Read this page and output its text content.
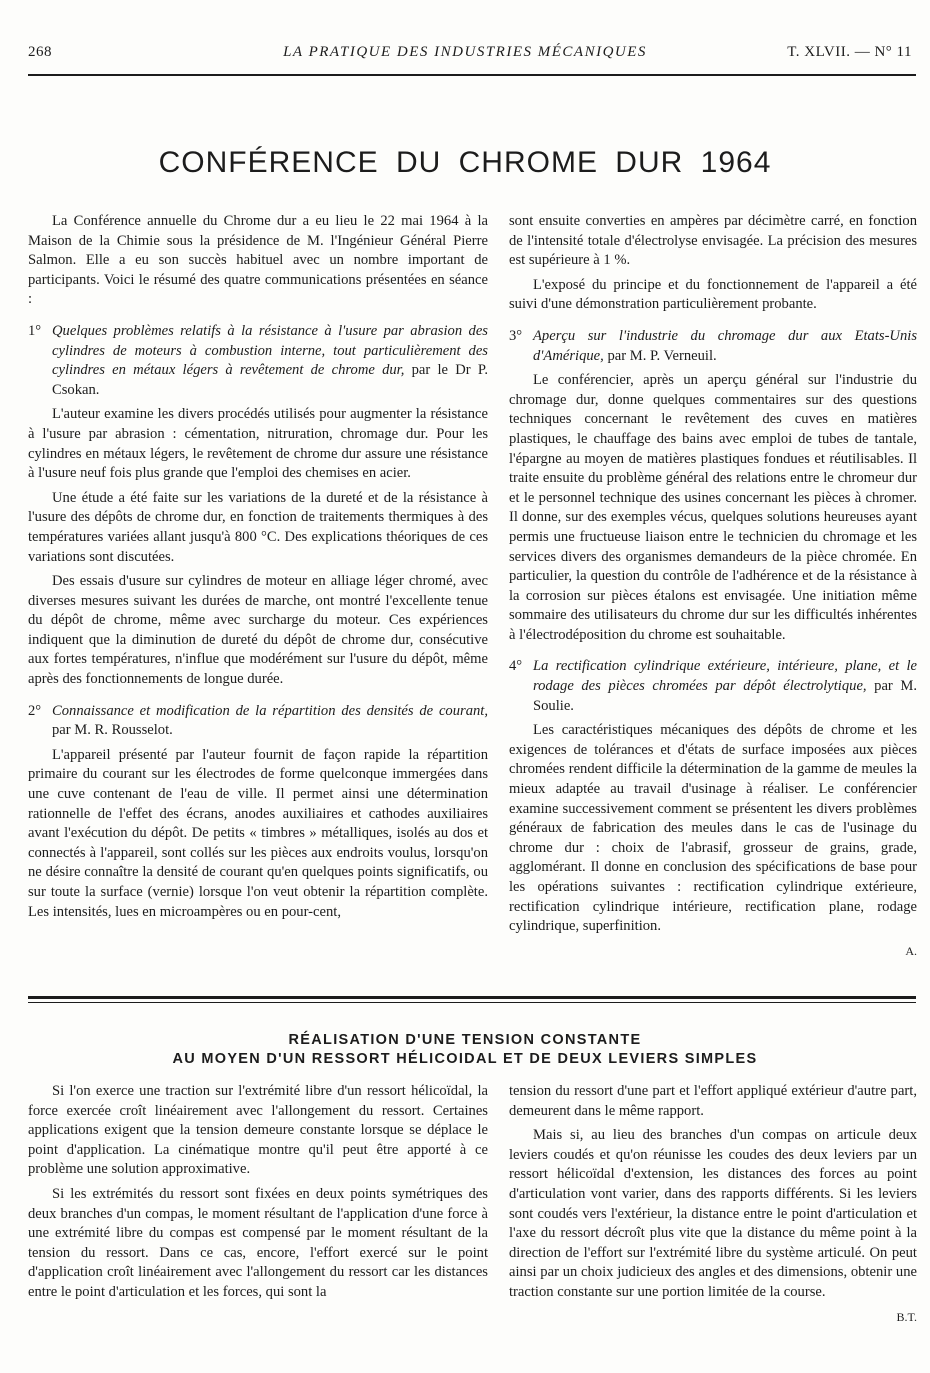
268	LA PRATIQUE DES INDUSTRIES MÉCANIQUES	T. XLVII. — N° 11
CONFÉRENCE DU CHROME DUR 1964

La Conférence annuelle du Chrome dur a eu lieu le 22 mai 1964 à la Maison de la Chimie sous la présidence de M. l'Ingénieur Général Pierre Salmon. Elle a eu son succès habituel avec un nombre important de participants. Voici le résumé des quatre communications présentées en séance :

1° Quelques problèmes relatifs à la résistance à l'usure par abrasion des cylindres de moteurs à combustion interne, tout particulièrement des cylindres en métaux légers à revêtement de chrome dur, par le Dr P. Csokan.

L'auteur examine les divers procédés utilisés pour augmenter la résistance à l'usure par abrasion : cémentation, nitruration, chromage dur. Pour les cylindres en métaux légers, le revêtement de chrome dur assure une résistance à l'usure neuf fois plus grande que l'emploi des chemises en acier.

Une étude a été faite sur les variations de la dureté et de la résistance à l'usure des dépôts de chrome dur, en fonction de traitements thermiques à des températures variées allant jusqu'à 800 °C. Des explications théoriques de ces variations sont discutées.

Des essais d'usure sur cylindres de moteur en alliage léger chromé, avec diverses mesures suivant les durées de marche, ont montré l'excellente tenue du dépôt de chrome, même avec surcharge du moteur. Ces expériences indiquent que la diminution de dureté du dépôt de chrome dur, consécutive aux fortes températures, n'influe que modérément sur l'usure du dépôt, même après des fonctionnements de longue durée.

2° Connaissance et modification de la répartition des densités de courant, par M. R. Rousselot.

L'appareil présenté par l'auteur fournit de façon rapide la répartition primaire du courant sur les électrodes de forme quelconque immergées dans une cuve contenant de l'eau de ville. Il permet ainsi une détermination rationnelle de l'effet des écrans, anodes auxiliaires et cathodes auxiliaires avant l'exécution du dépôt. De petits « timbres » métalliques, isolés au dos et connectés à l'appareil, sont collés sur les pièces aux endroits voulus, lorsqu'on ne désire connaître la densité de courant qu'en quelques points significatifs, ou sur toute la surface (vernie) lorsque l'on veut obtenir la répartition complète. Les intensités, lues en microampères ou en pour-cent,

sont ensuite converties en ampères par décimètre carré, en fonction de l'intensité totale d'électrolyse envisagée. La précision des mesures est supérieure à 1 %.

L'exposé du principe et du fonctionnement de l'appareil a été suivi d'une démonstration particulièrement probante.

3° Aperçu sur l'industrie du chromage dur aux Etats-Unis d'Amérique, par M. P. Verneuil.

Le conférencier, après un aperçu général sur l'industrie du chromage dur, donne quelques commentaires sur des questions techniques concernant le revêtement des cuves en matières plastiques, le chauffage des bains avec emploi de tubes de tantale, l'épargne au moyen de matières plastiques fondues et réutilisables. Il traite ensuite du problème général des relations entre le chromeur dur et le personnel technique des usines concernant les pièces à chromer. Il donne, sur des exemples vécus, quelques solutions heureuses ayant permis une fructueuse liaison entre le technicien du chromage et les services divers des organismes demandeurs de la pièce chromée. En particulier, la question du contrôle de l'adhérence et de la résistance à la corrosion sur pièces étalons est envisagée. Une initiation même sommaire des utilisateurs du chrome dur sur les difficultés inhérentes à l'électrodéposition du chrome est souhaitable.

4° La rectification cylindrique extérieure, intérieure, plane, et le rodage des pièces chromées par dépôt électrolytique, par M. Soulie.

Les caractéristiques mécaniques des dépôts de chrome et les exigences de tolérances et d'états de surface imposées aux pièces chromées rendent difficile la détermination de la gamme de meules la mieux adaptée au travail d'usinage à réaliser. Le conférencier examine successivement comment se présentent les divers problèmes généraux de fabrication des meules dans le cas de l'usinage du chrome dur : choix de l'abrasif, grosseur de grains, grade, agglomérant. Il donne en conclusion des spécifications de base pour les opérations suivantes : rectification cylindrique extérieure, rectification cylindrique intérieure, rectification plane, rodage cylindrique, superfinition.

A.
RÉALISATION D'UNE TENSION CONSTANTE
AU MOYEN D'UN RESSORT HÉLICOIDAL ET DE DEUX LEVIERS SIMPLES

Si l'on exerce une traction sur l'extrémité libre d'un ressort hélicoïdal, la force exercée croît linéairement avec l'allongement du ressort. Certaines applications exigent que la tension demeure constante lorsque se déplace le point d'application. La cinématique montre qu'il peut être apporté à ce problème une solution approximative.

Si les extrémités du ressort sont fixées en deux points symétriques des deux branches d'un compas, le moment résultant de l'application d'une force à une extrémité libre du compas est compensé par le moment résultant de la tension du ressort. Dans ce cas, encore, l'effort exercé sur le point d'application croît linéairement avec l'allongement du ressort car les distances entre le point d'articulation et les forces, qui sont la

tension du ressort d'une part et l'effort appliqué extérieur d'autre part, demeurent dans le même rapport.

Mais si, au lieu des branches d'un compas on articule deux leviers coudés et qu'on réunisse les coudes des deux leviers par un ressort hélicoïdal d'extension, les distances des forces au point d'articulation vont varier, dans des rapports différents. Si les leviers sont coudés vers l'extérieur, la distance entre le point d'articulation et l'axe du ressort décroît plus vite que la distance du même point à la direction de l'effort sur l'extrémité libre du système articulé. On peut ainsi par un choix judicieux des angles et des dimensions, obtenir une traction constante sur une portion limitée de la course.

B.T.
